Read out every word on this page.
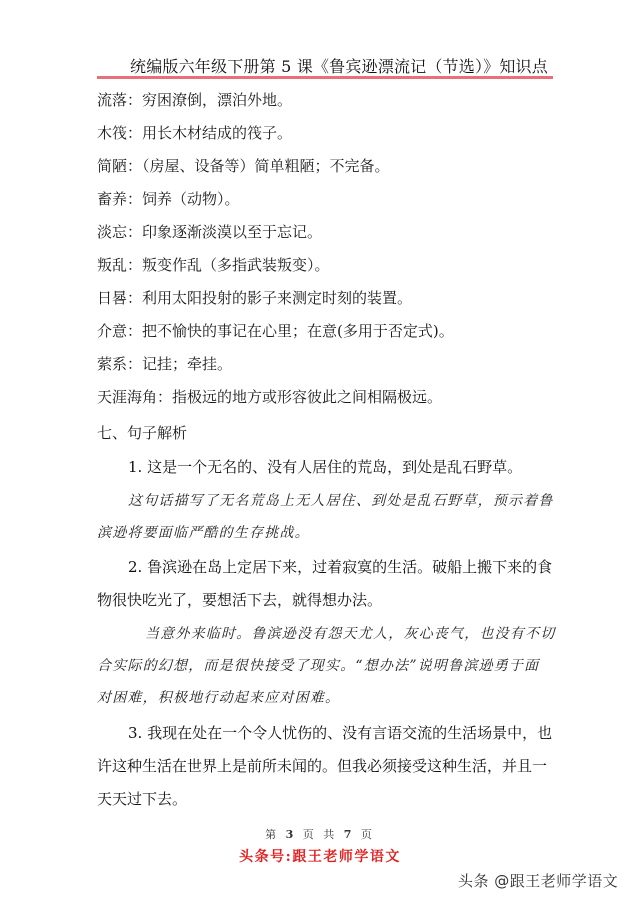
统编版六年级下册第 5 课《鲁宾逊漂流记（节选）》知识点
流落：穷困潦倒，漂泊外地。
木筏：用长木材结成的筏子。
简陋：（房屋、设备等）简单粗陋；不完备。
畜养：饲养（动物）。
淡忘：印象逐渐淡漠以至于忘记。
叛乱：叛变作乱（多指武装叛变）。
日晷：利用太阳投射的影子来测定时刻的装置。
介意：把不愉快的事记在心里；在意(多用于否定式)。
萦系：记挂；牵挂。
天涯海角：指极远的地方或形容彼此之间相隔极远。
七、句子解析
1. 这是一个无名的、没有人居住的荒岛，到处是乱石野草。
这句话描写了无名荒岛上无人居住、到处是乱石野草，预示着鲁
滨逊将要面临严酷的生存挑战。
2. 鲁滨逊在岛上定居下来，过着寂寞的生活。破船上搬下来的食
物很快吃光了，要想活下去，就得想办法。
当意外来临时。鲁滨逊没有怨天尤人，灰心丧气，也没有不切
合实际的幻想，而是很快接受了现实。“想办法”说明鲁滨逊勇于面
对困难，积极地行动起来应对困难。
3. 我现在处在一个令人忧伤的、没有言语交流的生活场景中，也
许这种生活在世界上是前所未闻的。但我必须接受这种生活，并且一
天天过下去。
第 3 页 共 7 页
头条号:跟王老师学语文
头条 @跟王老师学语文
